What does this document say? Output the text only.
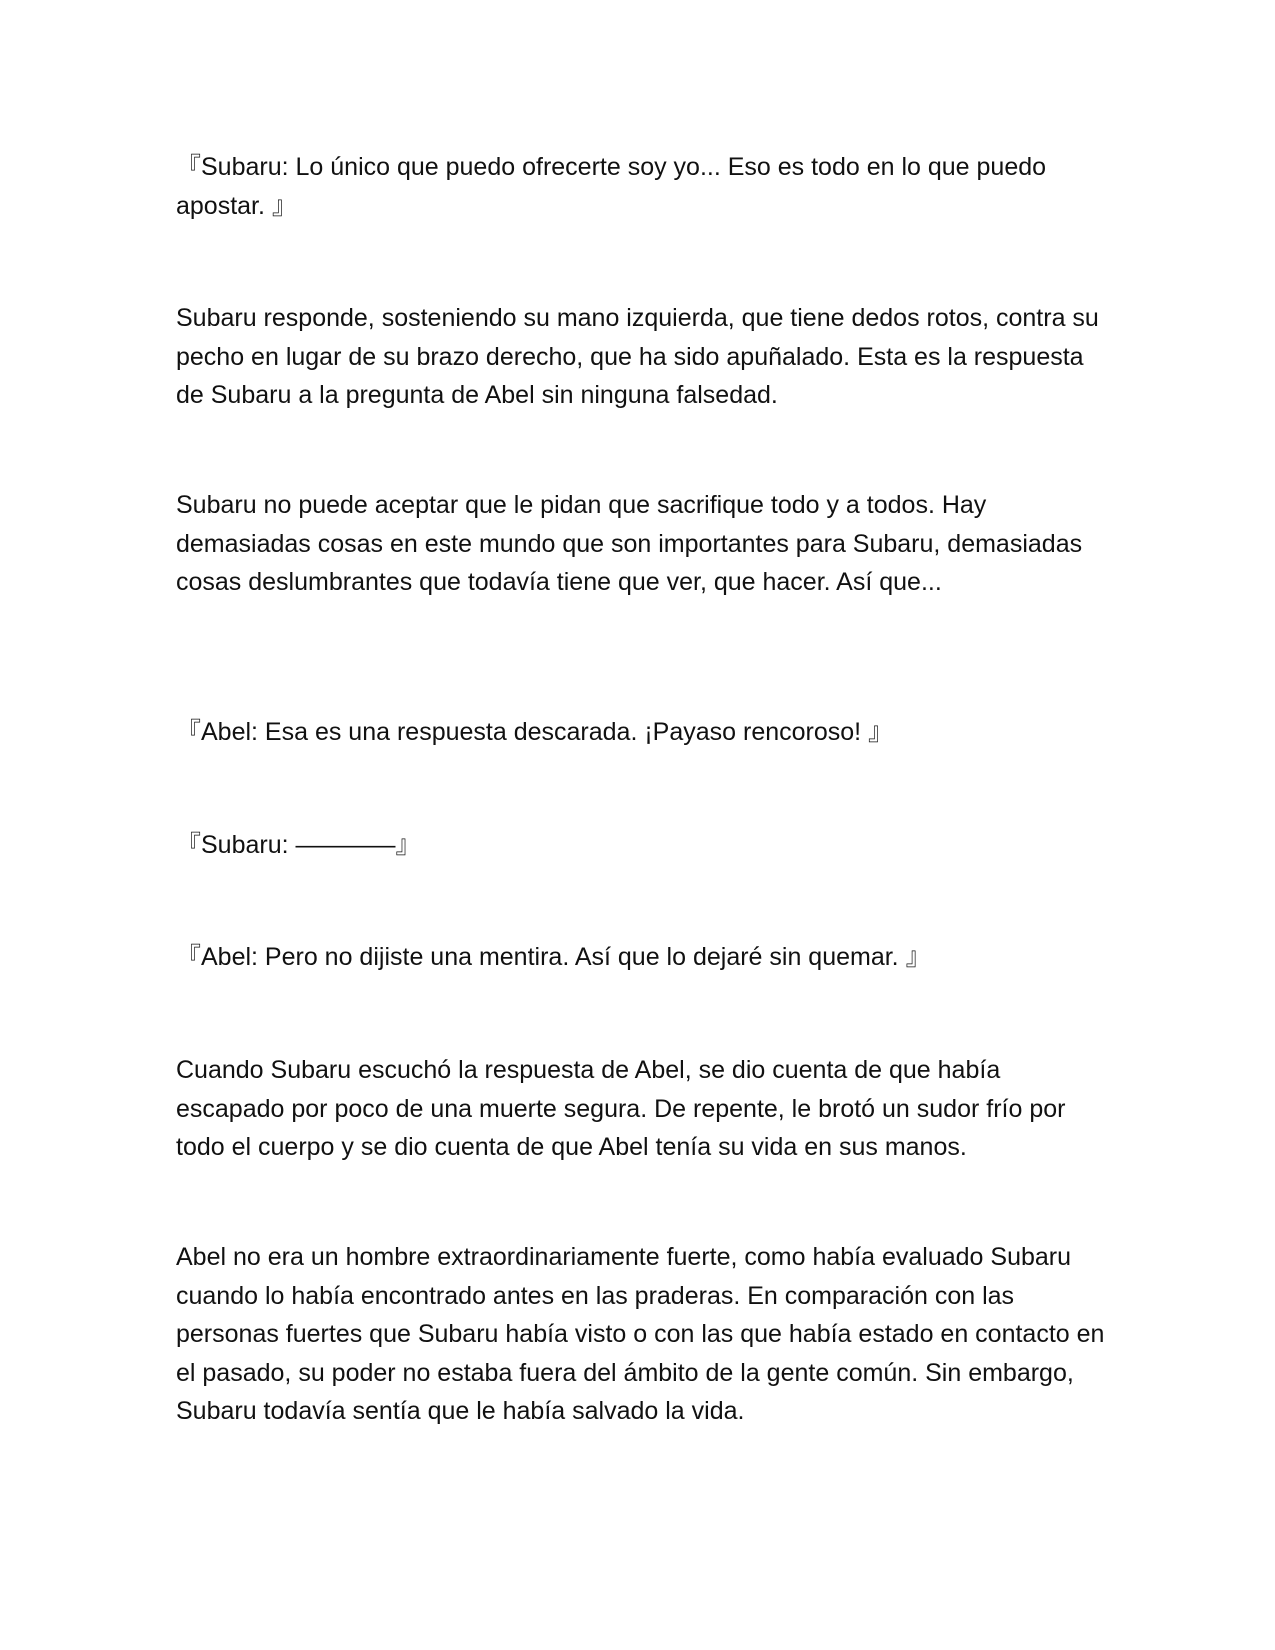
『Subaru: Lo único que puedo ofrecerte soy yo... Eso es todo en lo que puedo apostar. 』

Subaru responde, sosteniendo su mano izquierda, que tiene dedos rotos, contra su pecho en lugar de su brazo derecho, que ha sido apuñalado. Esta es la respuesta de Subaru a la pregunta de Abel sin ninguna falsedad.

Subaru no puede aceptar que le pidan que sacrifique todo y a todos. Hay demasiadas cosas en este mundo que son importantes para Subaru, demasiadas cosas deslumbrantes que todavía tiene que ver, que hacer. Así que...

『Abel: Esa es una respuesta descarada. ¡Payaso rencoroso! 』

『Subaru: ————』

『Abel: Pero no dijiste una mentira. Así que lo dejaré sin quemar. 』

Cuando Subaru escuchó la respuesta de Abel, se dio cuenta de que había escapado por poco de una muerte segura. De repente, le brotó un sudor frío por todo el cuerpo y se dio cuenta de que Abel tenía su vida en sus manos.

Abel no era un hombre extraordinariamente fuerte, como había evaluado Subaru cuando lo había encontrado antes en las praderas. En comparación con las personas fuertes que Subaru había visto o con las que había estado en contacto en el pasado, su poder no estaba fuera del ámbito de la gente común. Sin embargo, Subaru todavía sentía que le había salvado la vida.
